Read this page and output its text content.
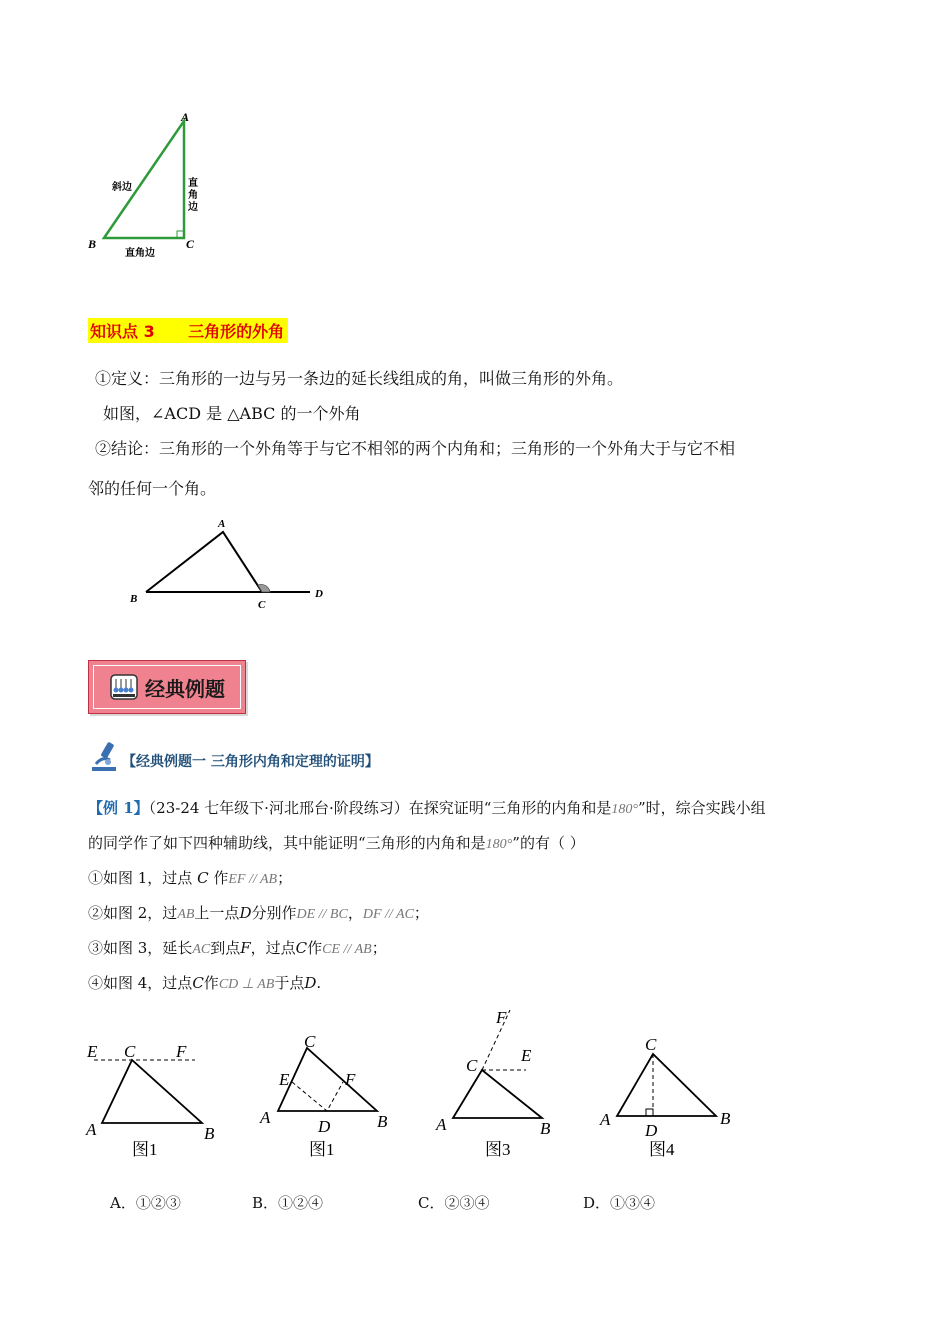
A
B	C
斜边	直
角
边
直角边
知识点 3      三角形的外角
①定义：三角形的一边与另一条边的延长线组成的角，叫做三角形的外角。
如图，∠ACD 是 △ABC 的一个外角
②结论：三角形的一个外角等于与它不相邻的两个内角和；三角形的一个外角大于与它不相
邻的任何一个角。
A
B	C
D
经典例题
【经典例题一 三角形内角和定理的证明】
【例 1】（23-24 七年级下·河北邢台·阶段练习）在探究证明“三角形的内角和是180°”时，综合实践小组
的同学作了如下四种辅助线，其中能证明“三角形的内角和是180°”的有（ ）
①如图 1，过点 C 作EF // AB；
②如图 2，过AB上一点D分别作DE // BC，DF // AC；
③如图 3，延长AC到点F，过点C作CE // AB；
④如图 4，过点C作CD ⊥ AB于点D.
E C F
A	B
图1
C
E	F
A	B
D
图1
F
C
E
A	B
图3
C
A
D
B
图4
A．①②③	B．①②④	C．②③④	D．①③④
